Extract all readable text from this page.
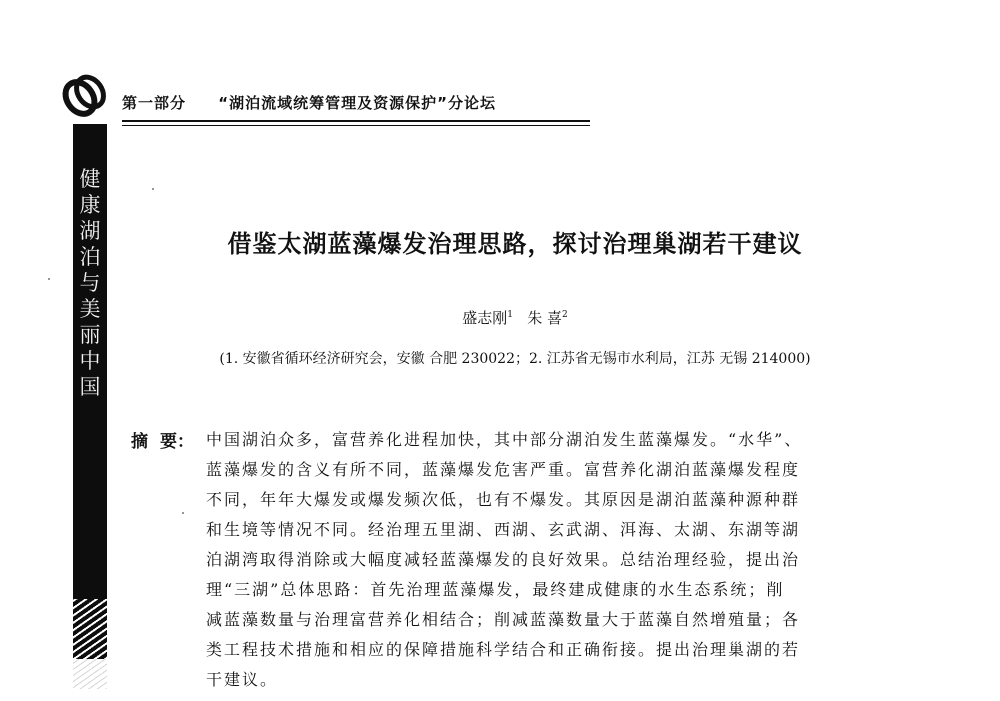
第一部分 “湖泊流域统筹管理及资源保护”分论坛
健康湖泊与美丽中国
借鉴太湖蓝藻爆发治理思路，探讨治理巢湖若干建议
盛志刚$^1$ 朱 喜$^2$
(1. 安徽省循环经济研究会，安徽 合肥 230022；2. 江苏省无锡市水利局，江苏 无锡 214000)
摘 要： 中国湖泊众多，富营养化进程加快，其中部分湖泊发生蓝藻爆发。“水华”、
蓝藻爆发的含义有所不同，蓝藻爆发危害严重。富营养化湖泊蓝藻爆发程度
不同，年年大爆发或爆发频次低，也有不爆发。其原因是湖泊蓝藻种源种群
和生境等情况不同。经治理五里湖、西湖、玄武湖、洱海、太湖、东湖等湖
泊湖湾取得消除或大幅度减轻蓝藻爆发的良好效果。总结治理经验，提出治
理“三湖”总体思路：首先治理蓝藻爆发，最终建成健康的水生态系统；削
减蓝藻数量与治理富营养化相结合；削减蓝藻数量大于蓝藻自然增殖量；各
类工程技术措施和相应的保障措施科学结合和正确衔接。提出治理巢湖的若
干建议。
